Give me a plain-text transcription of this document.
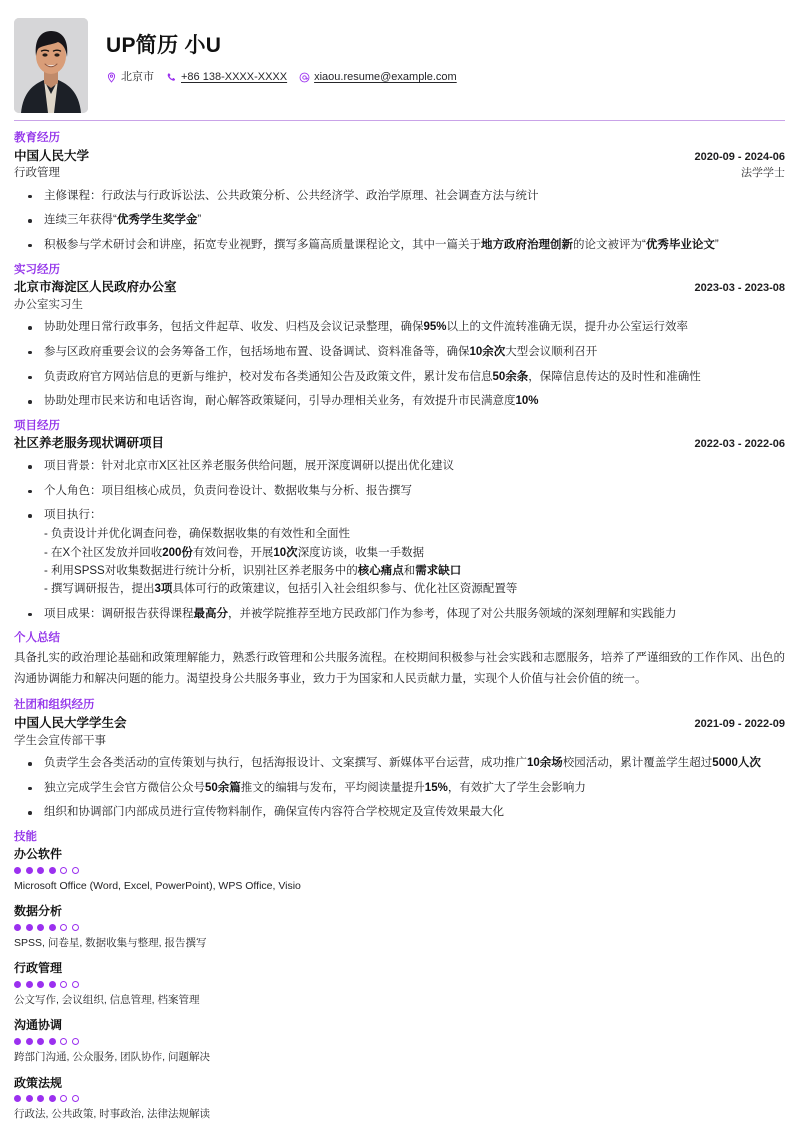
UP简历 小U
北京市 +86 138-XXXX-XXXX xiaou.resume@example.com
教育经历
中国人民大学	2020-09 - 2024-06
行政管理	法学学士
主修课程：行政法与行政诉讼法、公共政策分析、公共经济学、政治学原理、社会调查方法与统计
连续三年获得“优秀学生奖学金”
积极参与学术研讨会和讲座，拓宽专业视野，撰写多篇高质量课程论文，其中一篇关于地方政府治理创新的论文被评为“优秀毕业论文”
实习经历
北京市海淀区人民政府办公室	2023-03 - 2023-08
办公室实习生
协助处理日常行政事务，包括文件起草、收发、归档及会议记录整理，确保95%以上的文件流转准确无误，提升办公室运行效率
参与区政府重要会议的会务筹备工作，包括场地布置、设备调试、资料准备等，确保10余次大型会议顺利召开
负责政府官方网站信息的更新与维护，校对发布各类通知公告及政策文件，累计发布信息50余条，保障信息传达的及时性和准确性
协助处理市民来访和电话咨询，耐心解答政策疑问，引导办理相关业务，有效提升市民满意度10%
项目经历
社区养老服务现状调研项目	2022-03 - 2022-06
项目背景：针对北京市X区社区养老服务供给问题，展开深度调研以提出优化建议
个人角色：项目组核心成员，负责问卷设计、数据收集与分析、报告撰写
项目执行：
- 负责设计并优化调查问卷，确保数据收集的有效性和全面性
- 在X个社区发放并回收200份有效问卷，开展10次深度访谈，收集一手数据
- 利用SPSS对收集数据进行统计分析，识别社区养老服务中的核心痛点和需求缺口
- 撰写调研报告，提出3项具体可行的政策建议，包括引入社会组织参与、优化社区资源配置等
项目成果：调研报告获得课程最高分，并被学院推荐至地方民政部门作为参考，体现了对公共服务领域的深刻理解和实践能力
个人总结

具备扎实的政治理论基础和政策理解能力，熟悉行政管理和公共服务流程。在校期间积极参与社会实践和志愿服务，培养了严谨细致的工作作风、出色的沟通协调能力和解决问题的能力。渴望投身公共服务事业，致力于为国家和人民贡献力量，实现个人价值与社会价值的统一。

社团和组织经历
中国人民大学学生会	2021-09 - 2022-09
学生会宣传部干事
负责学生会各类活动的宣传策划与执行，包括海报设计、文案撰写、新媒体平台运营，成功推广10余场校园活动，累计覆盖学生超过5000人次
独立完成学生会官方微信公众号50余篇推文的编辑与发布，平均阅读量提升15%，有效扩大了学生会影响力
组织和协调部门内部成员进行宣传物料制作，确保宣传内容符合学校规定及宣传效果最大化
技能
办公软件
Microsoft Office (Word, Excel, PowerPoint), WPS Office, Visio
数据分析
SPSS, 问卷星, 数据收集与整理, 报告撰写
行政管理
公文写作, 会议组织, 信息管理, 档案管理
沟通协调
跨部门沟通, 公众服务, 团队协作, 问题解决
政策法规
行政法, 公共政策, 时事政治, 法律法规解读
